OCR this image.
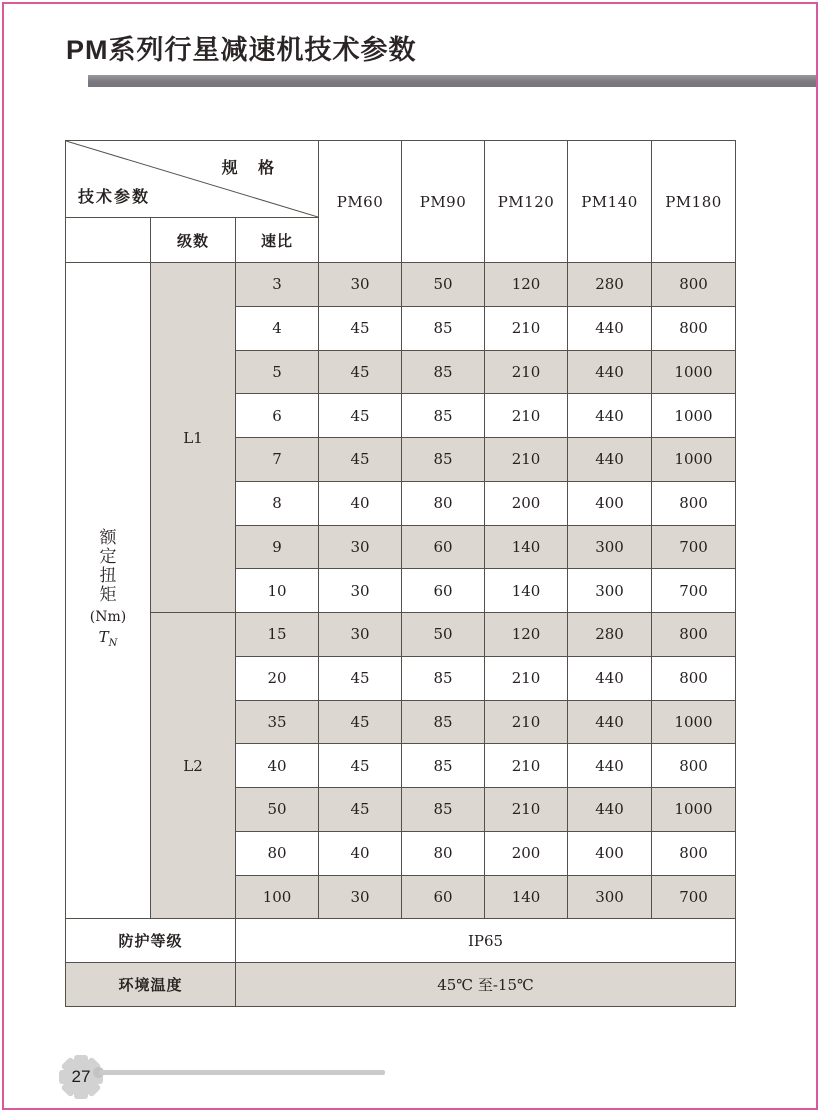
PM系列行星减速机技术参数
规 格
技术参数			PM60	PM90	PM120	PM140	PM180
	级数	速比					

额
定
扭
矩
(Nm)
$T_N$
	L1	3	30	50	120	280	800
		4	45	85	210	440	800
		5	45	85	210	440	1000
		6	45	85	210	440	1000
		7	45	85	210	440	1000
		8	40	80	200	400	800
		9	30	60	140	300	700
		10	30	60	140	300	700
	L2	15	30	50	120	280	800
		20	45	85	210	440	800
		35	45	85	210	440	1000
		40	45	85	210	440	800
		50	45	85	210	440	1000
		80	40	80	200	400	800
		100	30	60	140	300	700
防护等级		IP65					
环境温度		45℃ 至-15℃					
27
